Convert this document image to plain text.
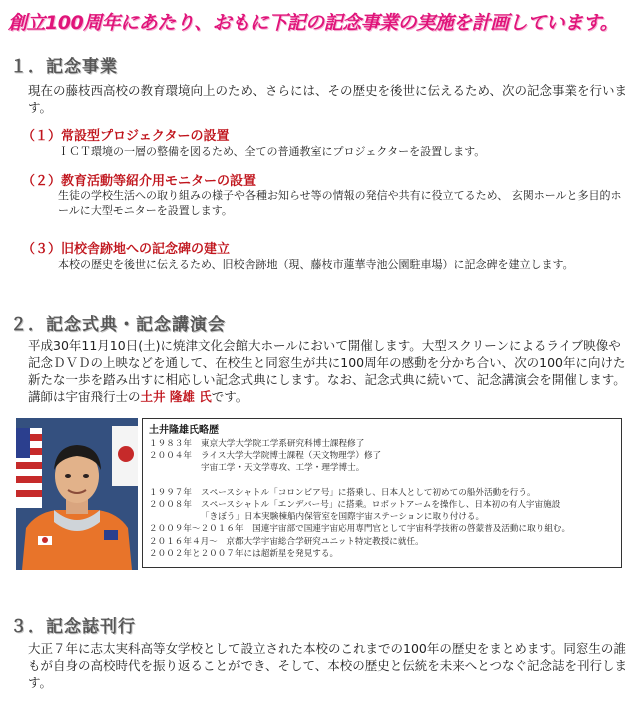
創立100周年にあたり、おもに下記の記念事業の実施を計画しています。
１．記念事業
現在の藤枝西高校の教育環境向上のため、さらには、その歴史を後世に伝えるため、次の記念事業を行います。
（１）常設型プロジェクターの設置
ＩＣＴ環境の一層の整備を図るため、全ての普通教室にプロジェクターを設置します。
（２）教育活動等紹介用モニターの設置
生徒の学校生活への取り組みの様子や各種お知らせ等の情報の発信や共有に役立てるため、 玄関ホールと多目的ホールに大型モニターを設置します。
（３）旧校舎跡地への記念碑の建立
本校の歴史を後世に伝えるため、旧校舎跡地（現、藤枝市蓮華寺池公園駐車場）に記念碑を建立します。
２．記念式典・記念講演会
平成30年11月10日(土)に焼津文化会館大ホールにおいて開催します。大型スクリーンによるライブ映像や記念ＤＶＤの上映などを通して、在校生と同窓生が共に100周年の感動を分かち合い、次の100年に向けた新たな一歩を踏み出すに相応しい記念式典にします。なお、記念式典に続いて、記念講演会を開催します。講師は宇宙飛行士の土井 隆雄 氏です。
土井隆雄氏略歴
１９８３年	東京大学大学院工学系研究科博士課程修了
２００４年	ライス大学大学院博士課程（天文物理学）修了
宇宙工学・天文学専攻、工学・理学博士。

１９９７年	スペースシャトル「コロンビア号」に搭乗し、日本人として初めての船外活動を行う。
２００８年	スペースシャトル「エンデバー号」に搭乗。ロボットアームを操作し、日本初の有人宇宙施設
「きぼう」日本実験棟船内保管室を国際宇宙ステーションに取り付ける。
２００９年～２０１６年　国連宇宙部で国連宇宙応用専門官として宇宙科学技術の啓蒙普及活動に取り組む。
２０１６年４月～　京都大学宇宙総合学研究ユニット特定教授に就任。
２００２年と２００７年には超新星を発見する。
３．記念誌刊行
大正７年に志太実科高等女学校として設立された本校のこれまでの100年の歴史をまとめます。同窓生の誰もが自身の高校時代を振り返ることができ、そして、本校の歴史と伝統を未来へとつなぐ記念誌を刊行します。
